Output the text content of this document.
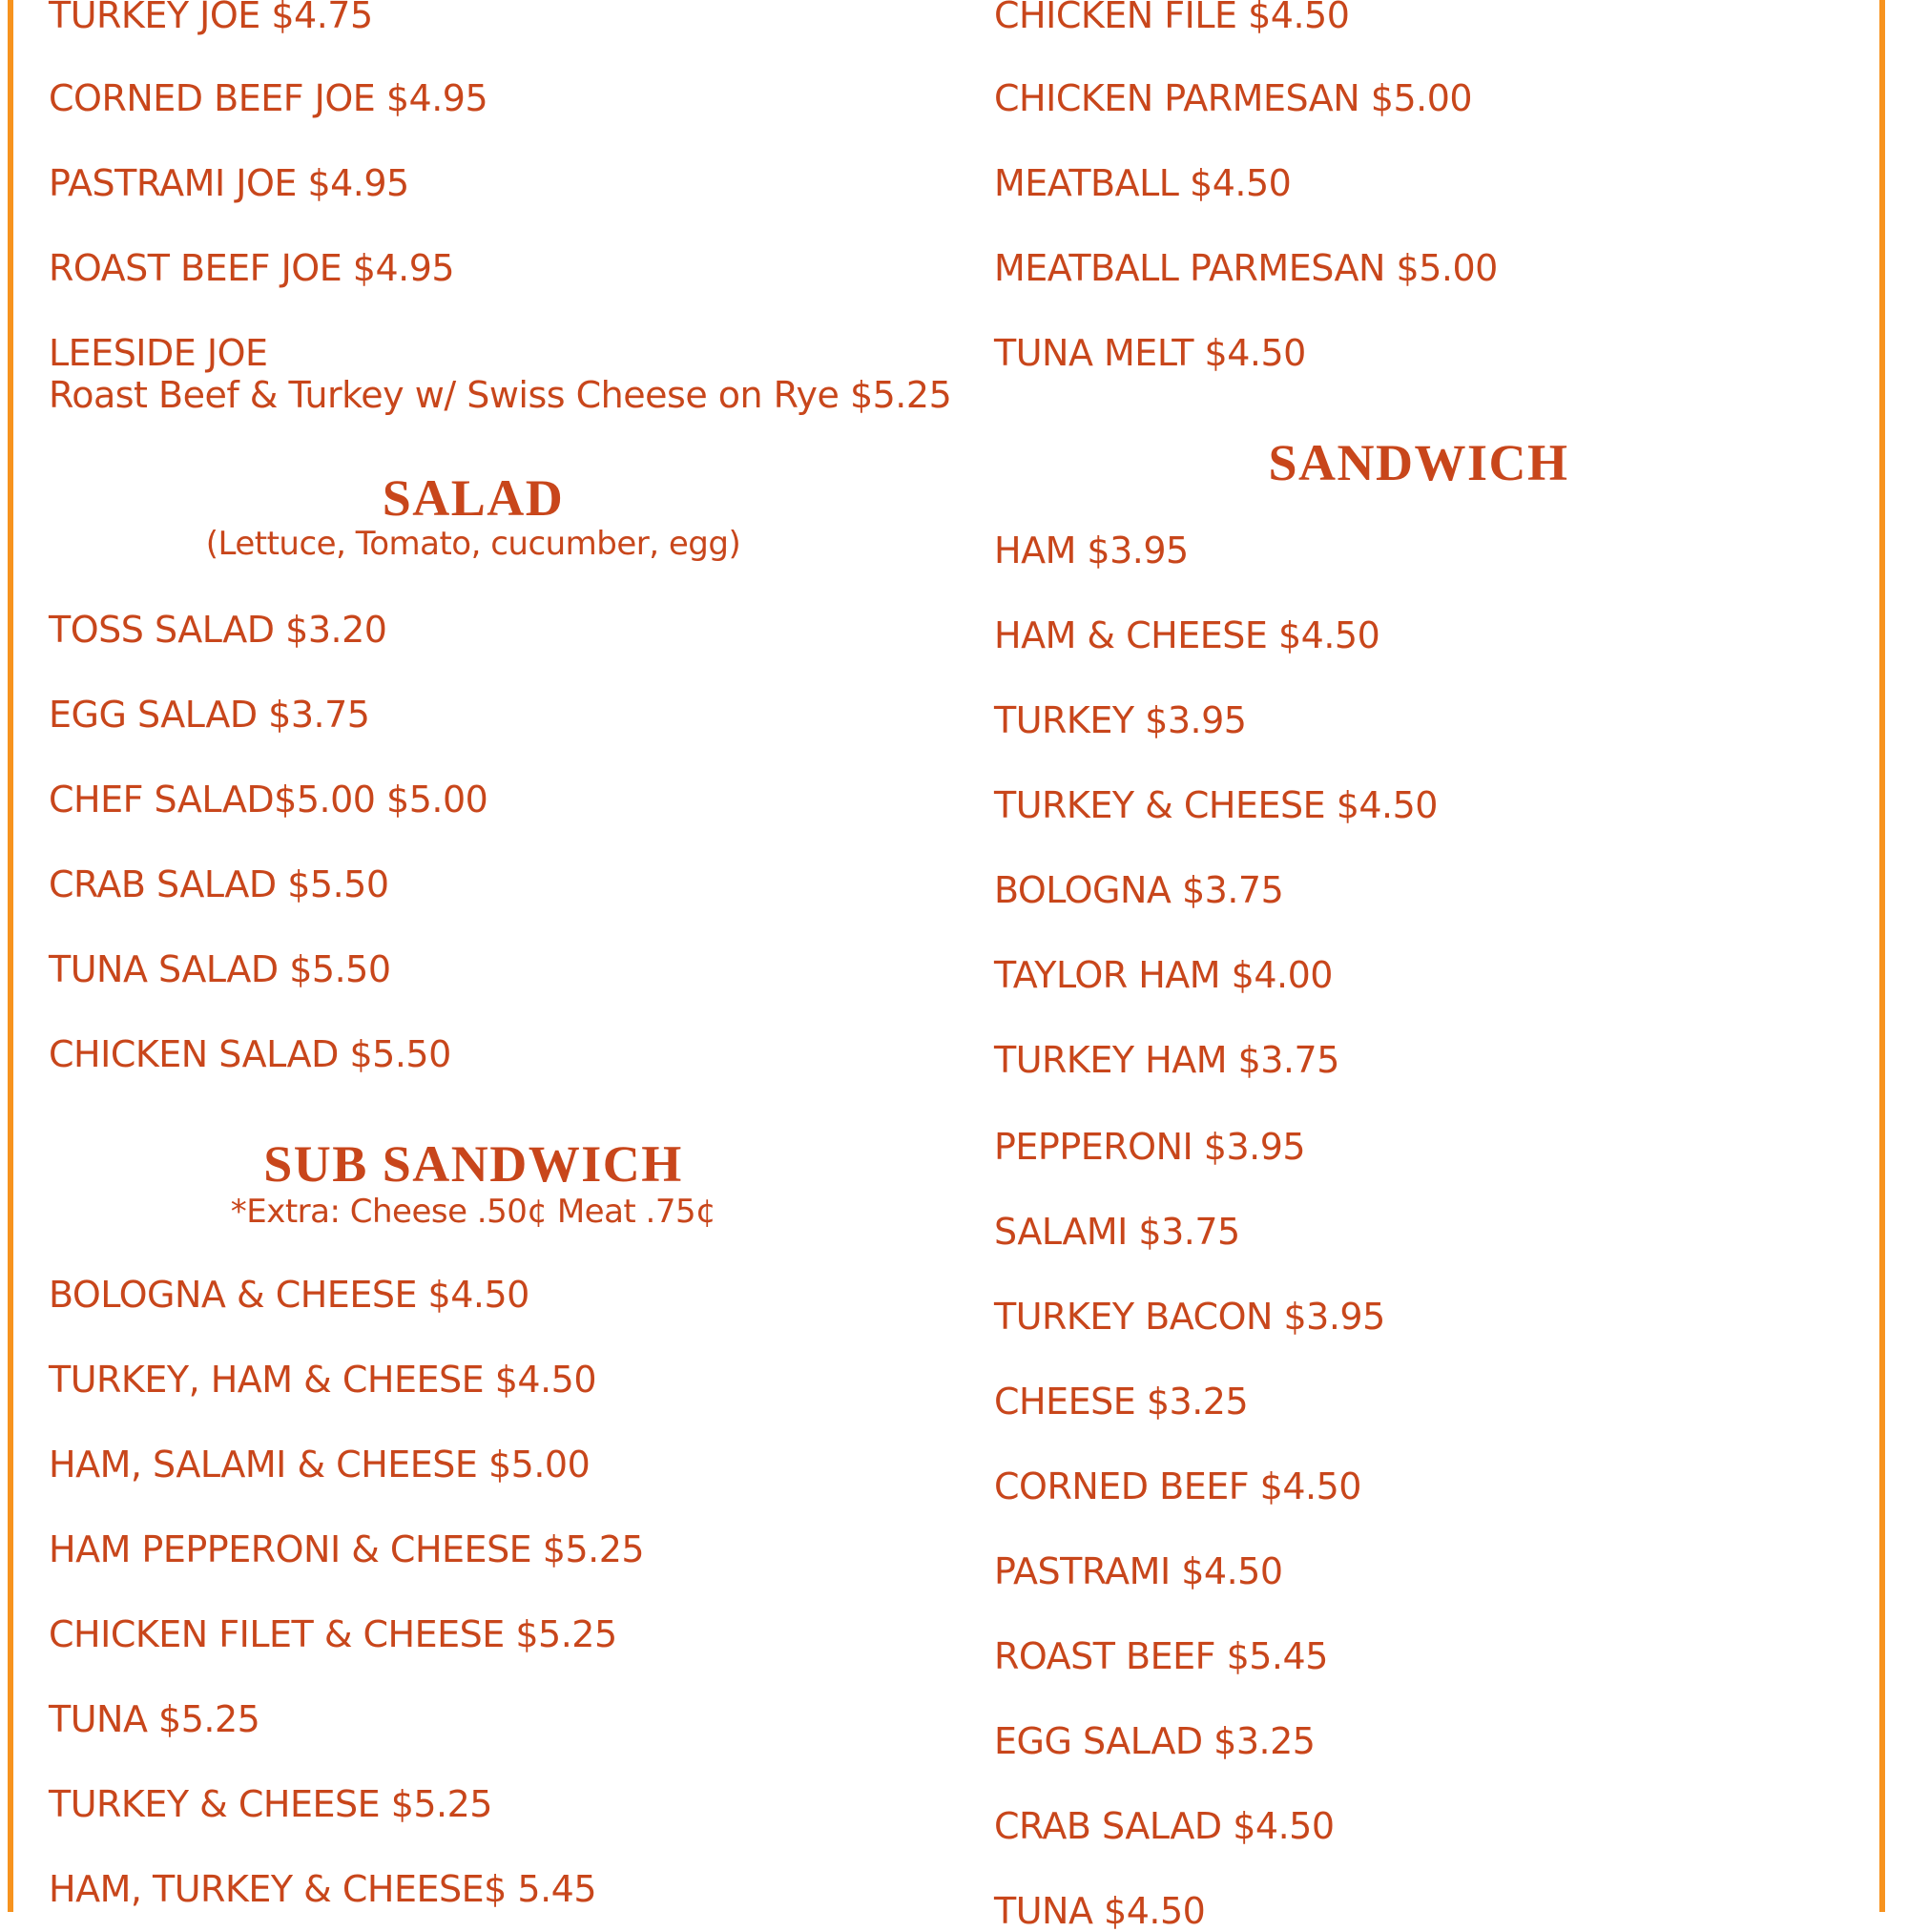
TURKEY JOE $4.75
CORNED BEEF JOE $4.95
PASTRAMI JOE $4.95
ROAST BEEF JOE $4.95
LEESIDE JOE
Roast Beef & Turkey w/ Swiss Cheese on Rye $5.25
SALAD
(Lettuce, Tomato, cucumber, egg)
TOSS SALAD $3.20
EGG SALAD $3.75
CHEF SALAD$5.00 $5.00
CRAB SALAD $5.50
TUNA SALAD $5.50
CHICKEN SALAD $5.50
SUB SANDWICH
*Extra: Cheese .50¢ Meat .75¢
BOLOGNA & CHEESE $4.50
TURKEY, HAM & CHEESE $4.50
HAM, SALAMI & CHEESE $5.00
HAM PEPPERONI & CHEESE $5.25
CHICKEN FILET & CHEESE $5.25
TUNA $5.25
TURKEY & CHEESE $5.25
HAM, TURKEY & CHEESE$ 5.45
CHICKEN FILE $4.50
CHICKEN PARMESAN $5.00
MEATBALL $4.50
MEATBALL PARMESAN $5.00
TUNA MELT $4.50
SANDWICH
HAM $3.95
HAM & CHEESE $4.50
TURKEY $3.95
TURKEY & CHEESE $4.50
BOLOGNA $3.75
TAYLOR HAM $4.00
TURKEY HAM $3.75
PEPPERONI $3.95
SALAMI $3.75
TURKEY BACON $3.95
CHEESE $3.25
CORNED BEEF $4.50
PASTRAMI $4.50
ROAST BEEF $5.45
EGG SALAD $3.25
CRAB SALAD $4.50
TUNA $4.50
